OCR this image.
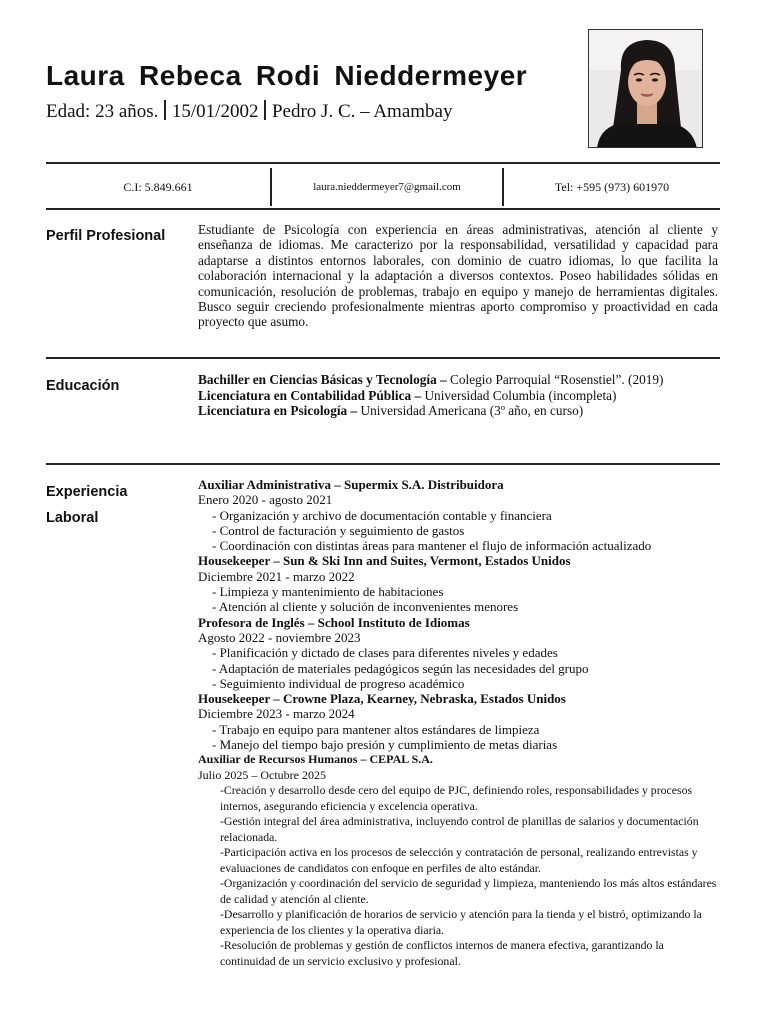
Laura Rebeca Rodi Nieddermeyer
Edad: 23 años. 15/01/2002 Pedro J. C. – Amambay
C.I: 5.849.661	laura.nieddermeyer7@gmail.com	Tel: +595 (973) 601970
Perfil Profesional Estudiante de Psicología con experiencia en áreas administrativas, atención al cliente y enseñanza de idiomas. Me caracterizo por la responsabilidad, versatilidad y capacidad para adaptarse a distintos entornos laborales, con dominio de cuatro idiomas, lo que facilita la colaboración internacional y la adaptación a diversos contextos. Poseo habilidades sólidas en comunicación, resolución de problemas, trabajo en equipo y manejo de herramientas digitales. Busco seguir creciendo profesionalmente mientras aporto compromiso y proactividad en cada proyecto que asumo.
Educación	Bachiller en Ciencias Básicas y Tecnología – Colegio Parroquial “Rosenstiel”. (2019)
Licenciatura en Contabilidad Pública – Universidad Columbia (incompleta)
Licenciatura en Psicología – Universidad Americana (3º año, en curso)
Experiencia
Laboral
Auxiliar Administrativa – Supermix S.A. Distribuidora
Enero 2020 - agosto 2021
- Organización y archivo de documentación contable y financiera
- Control de facturación y seguimiento de gastos
- Coordinación con distintas áreas para mantener el flujo de información actualizado
Housekeeper – Sun & Ski Inn and Suites, Vermont, Estados Unidos
Diciembre 2021 - marzo 2022
- Limpieza y mantenimiento de habitaciones
- Atención al cliente y solución de inconvenientes menores
Profesora de Inglés – School Instituto de Idiomas
Agosto 2022 - noviembre 2023
- Planificación y dictado de clases para diferentes niveles y edades
- Adaptación de materiales pedagógicos según las necesidades del grupo
- Seguimiento individual de progreso académico
Housekeeper – Crowne Plaza, Kearney, Nebraska, Estados Unidos
Diciembre 2023 - marzo 2024
- Trabajo en equipo para mantener altos estándares de limpieza
- Manejo del tiempo bajo presión y cumplimiento de metas diarias
Auxiliar de Recursos Humanos – CEPAL S.A.
Julio 2025 – Octubre 2025
-Creación y desarrollo desde cero del equipo de PJC, definiendo roles, responsabilidades y procesos internos, asegurando eficiencia y excelencia operativa.
-Gestión integral del área administrativa, incluyendo control de planillas de salarios y documentación relacionada.
-Participación activa en los procesos de selección y contratación de personal, realizando entrevistas y evaluaciones de candidatos con enfoque en perfiles de alto estándar.
-Organización y coordinación del servicio de seguridad y limpieza, manteniendo los más altos estándares de calidad y atención al cliente.
-Desarrollo y planificación de horarios de servicio y atención para la tienda y el bistró, optimizando la experiencia de los clientes y la operativa diaria.
-Resolución de problemas y gestión de conflictos internos de manera efectiva, garantizando la continuidad de un servicio exclusivo y profesional.
